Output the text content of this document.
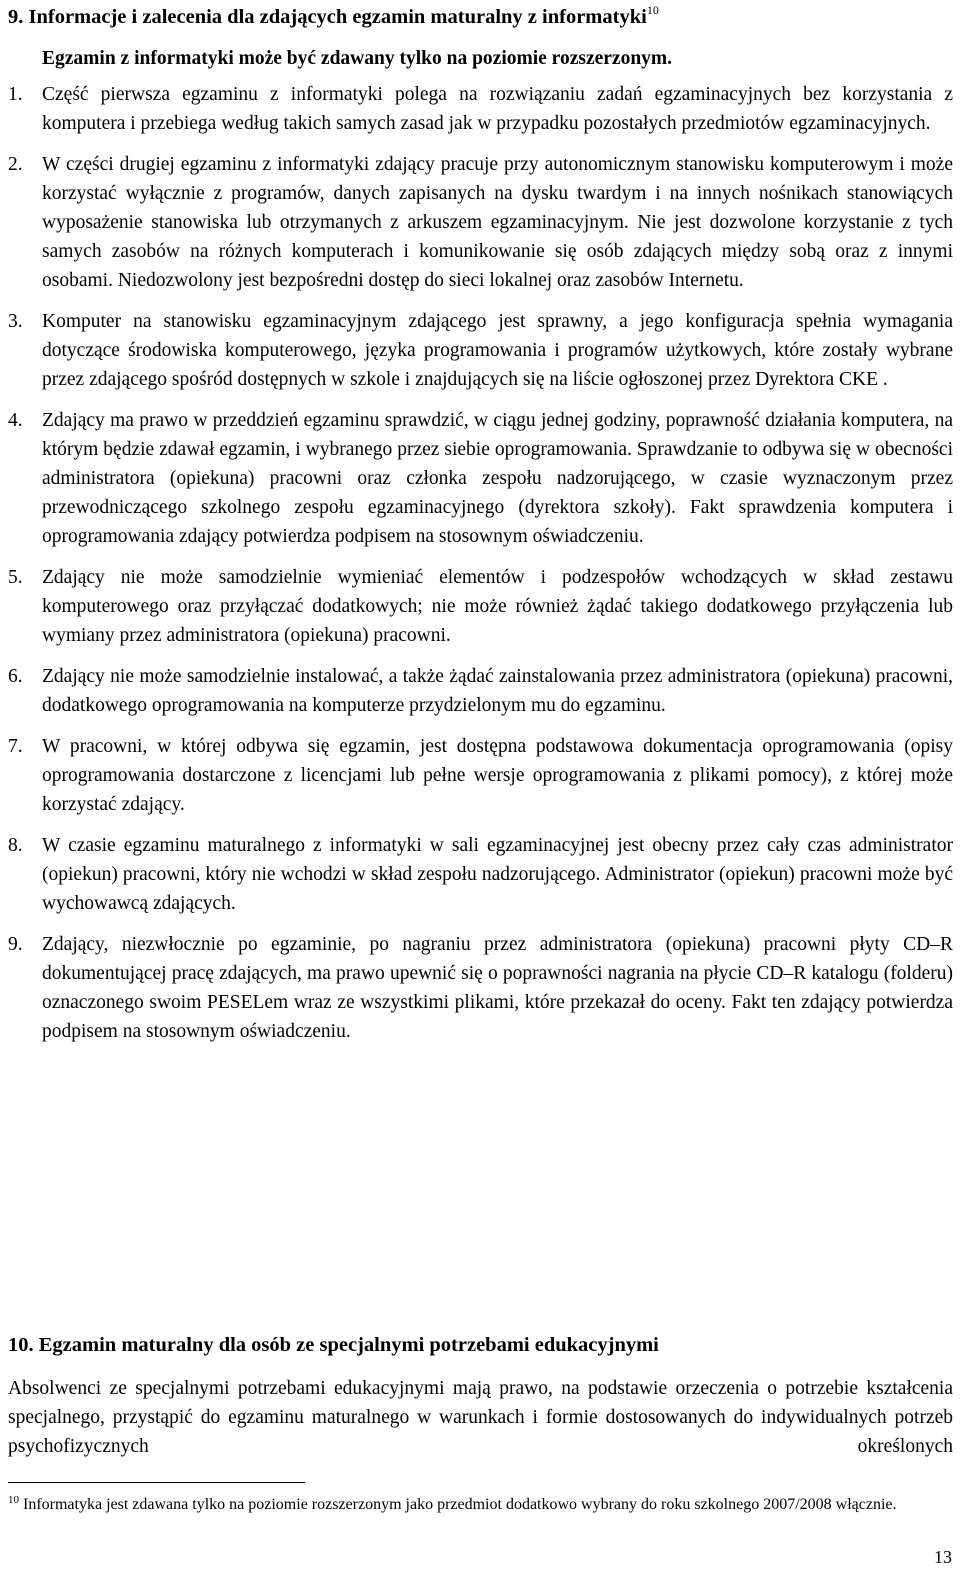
9. Informacje i zalecenia dla zdających egzamin maturalny z informatyki$^{10}$
Egzamin z informatyki może być zdawany tylko na poziomie rozszerzonym.
1. Część pierwsza egzaminu z informatyki polega na rozwiązaniu zadań egzaminacyjnych bez korzystania z komputera i przebiega według takich samych zasad jak w przypadku pozostałych przedmiotów egzaminacyjnych.
2. W części drugiej egzaminu z informatyki zdający pracuje przy autonomicznym stanowisku komputerowym i może korzystać wyłącznie z programów, danych zapisanych na dysku twardym i na innych nośnikach stanowiących wyposażenie stanowiska lub otrzymanych z arkuszem egzaminacyjnym. Nie jest dozwolone korzystanie z tych samych zasobów na różnych komputerach i komunikowanie się osób zdających między sobą oraz z innymi osobami. Niedozwolony jest bezpośredni dostęp do sieci lokalnej oraz zasobów Internetu.
3. Komputer na stanowisku egzaminacyjnym zdającego jest sprawny, a jego konfiguracja spełnia wymagania dotyczące środowiska komputerowego, języka programowania i programów użytkowych, które zostały wybrane przez zdającego spośród dostępnych w szkole i znajdujących się na liście ogłoszonej przez Dyrektora CKE .
4. Zdający ma prawo w przeddzień egzaminu sprawdzić, w ciągu jednej godziny, poprawność działania komputera, na którym będzie zdawał egzamin, i wybranego przez siebie oprogramowania. Sprawdzanie to odbywa się w obecności administratora (opiekuna) pracowni oraz członka zespołu nadzorującego, w czasie wyznaczonym przez przewodniczącego szkolnego zespołu egzaminacyjnego (dyrektora szkoły). Fakt sprawdzenia komputera i oprogramowania zdający potwierdza podpisem na stosownym oświadczeniu.
5. Zdający nie może samodzielnie wymieniać elementów i podzespołów wchodzących w skład zestawu komputerowego oraz przyłączać dodatkowych; nie może również żądać takiego dodatkowego przyłączenia lub wymiany przez administratora (opiekuna) pracowni.
6. Zdający nie może samodzielnie instalować, a także żądać zainstalowania przez administratora (opiekuna) pracowni, dodatkowego oprogramowania na komputerze przydzielonym mu do egzaminu.
7. W pracowni, w której odbywa się egzamin, jest dostępna podstawowa dokumentacja oprogramowania (opisy oprogramowania dostarczone z licencjami lub pełne wersje oprogramowania z plikami pomocy), z której może korzystać zdający.
8. W czasie egzaminu maturalnego z informatyki w sali egzaminacyjnej jest obecny przez cały czas administrator (opiekun) pracowni, który nie wchodzi w skład zespołu nadzorującego. Administrator (opiekun) pracowni może być wychowawcą zdających.
9. Zdający, niezwłocznie po egzaminie, po nagraniu przez administratora (opiekuna) pracowni płyty CD–R dokumentującej pracę zdających, ma prawo upewnić się o poprawności nagrania na płycie CD–R katalogu (folderu) oznaczonego swoim PESELem wraz ze wszystkimi plikami, które przekazał do oceny. Fakt ten zdający potwierdza podpisem na stosownym oświadczeniu.
10. Egzamin maturalny dla osób ze specjalnymi potrzebami edukacyjnymi
Absolwenci ze specjalnymi potrzebami edukacyjnymi mają prawo, na podstawie orzeczenia o potrzebie kształcenia specjalnego, przystąpić do egzaminu maturalnego w warunkach i formie dostosowanych do indywidualnych potrzeb psychofizycznych określonych
$^{10}$ Informatyka jest zdawana tylko na poziomie rozszerzonym jako przedmiot dodatkowo wybrany do roku szkolnego 2007/2008 włącznie.
13
